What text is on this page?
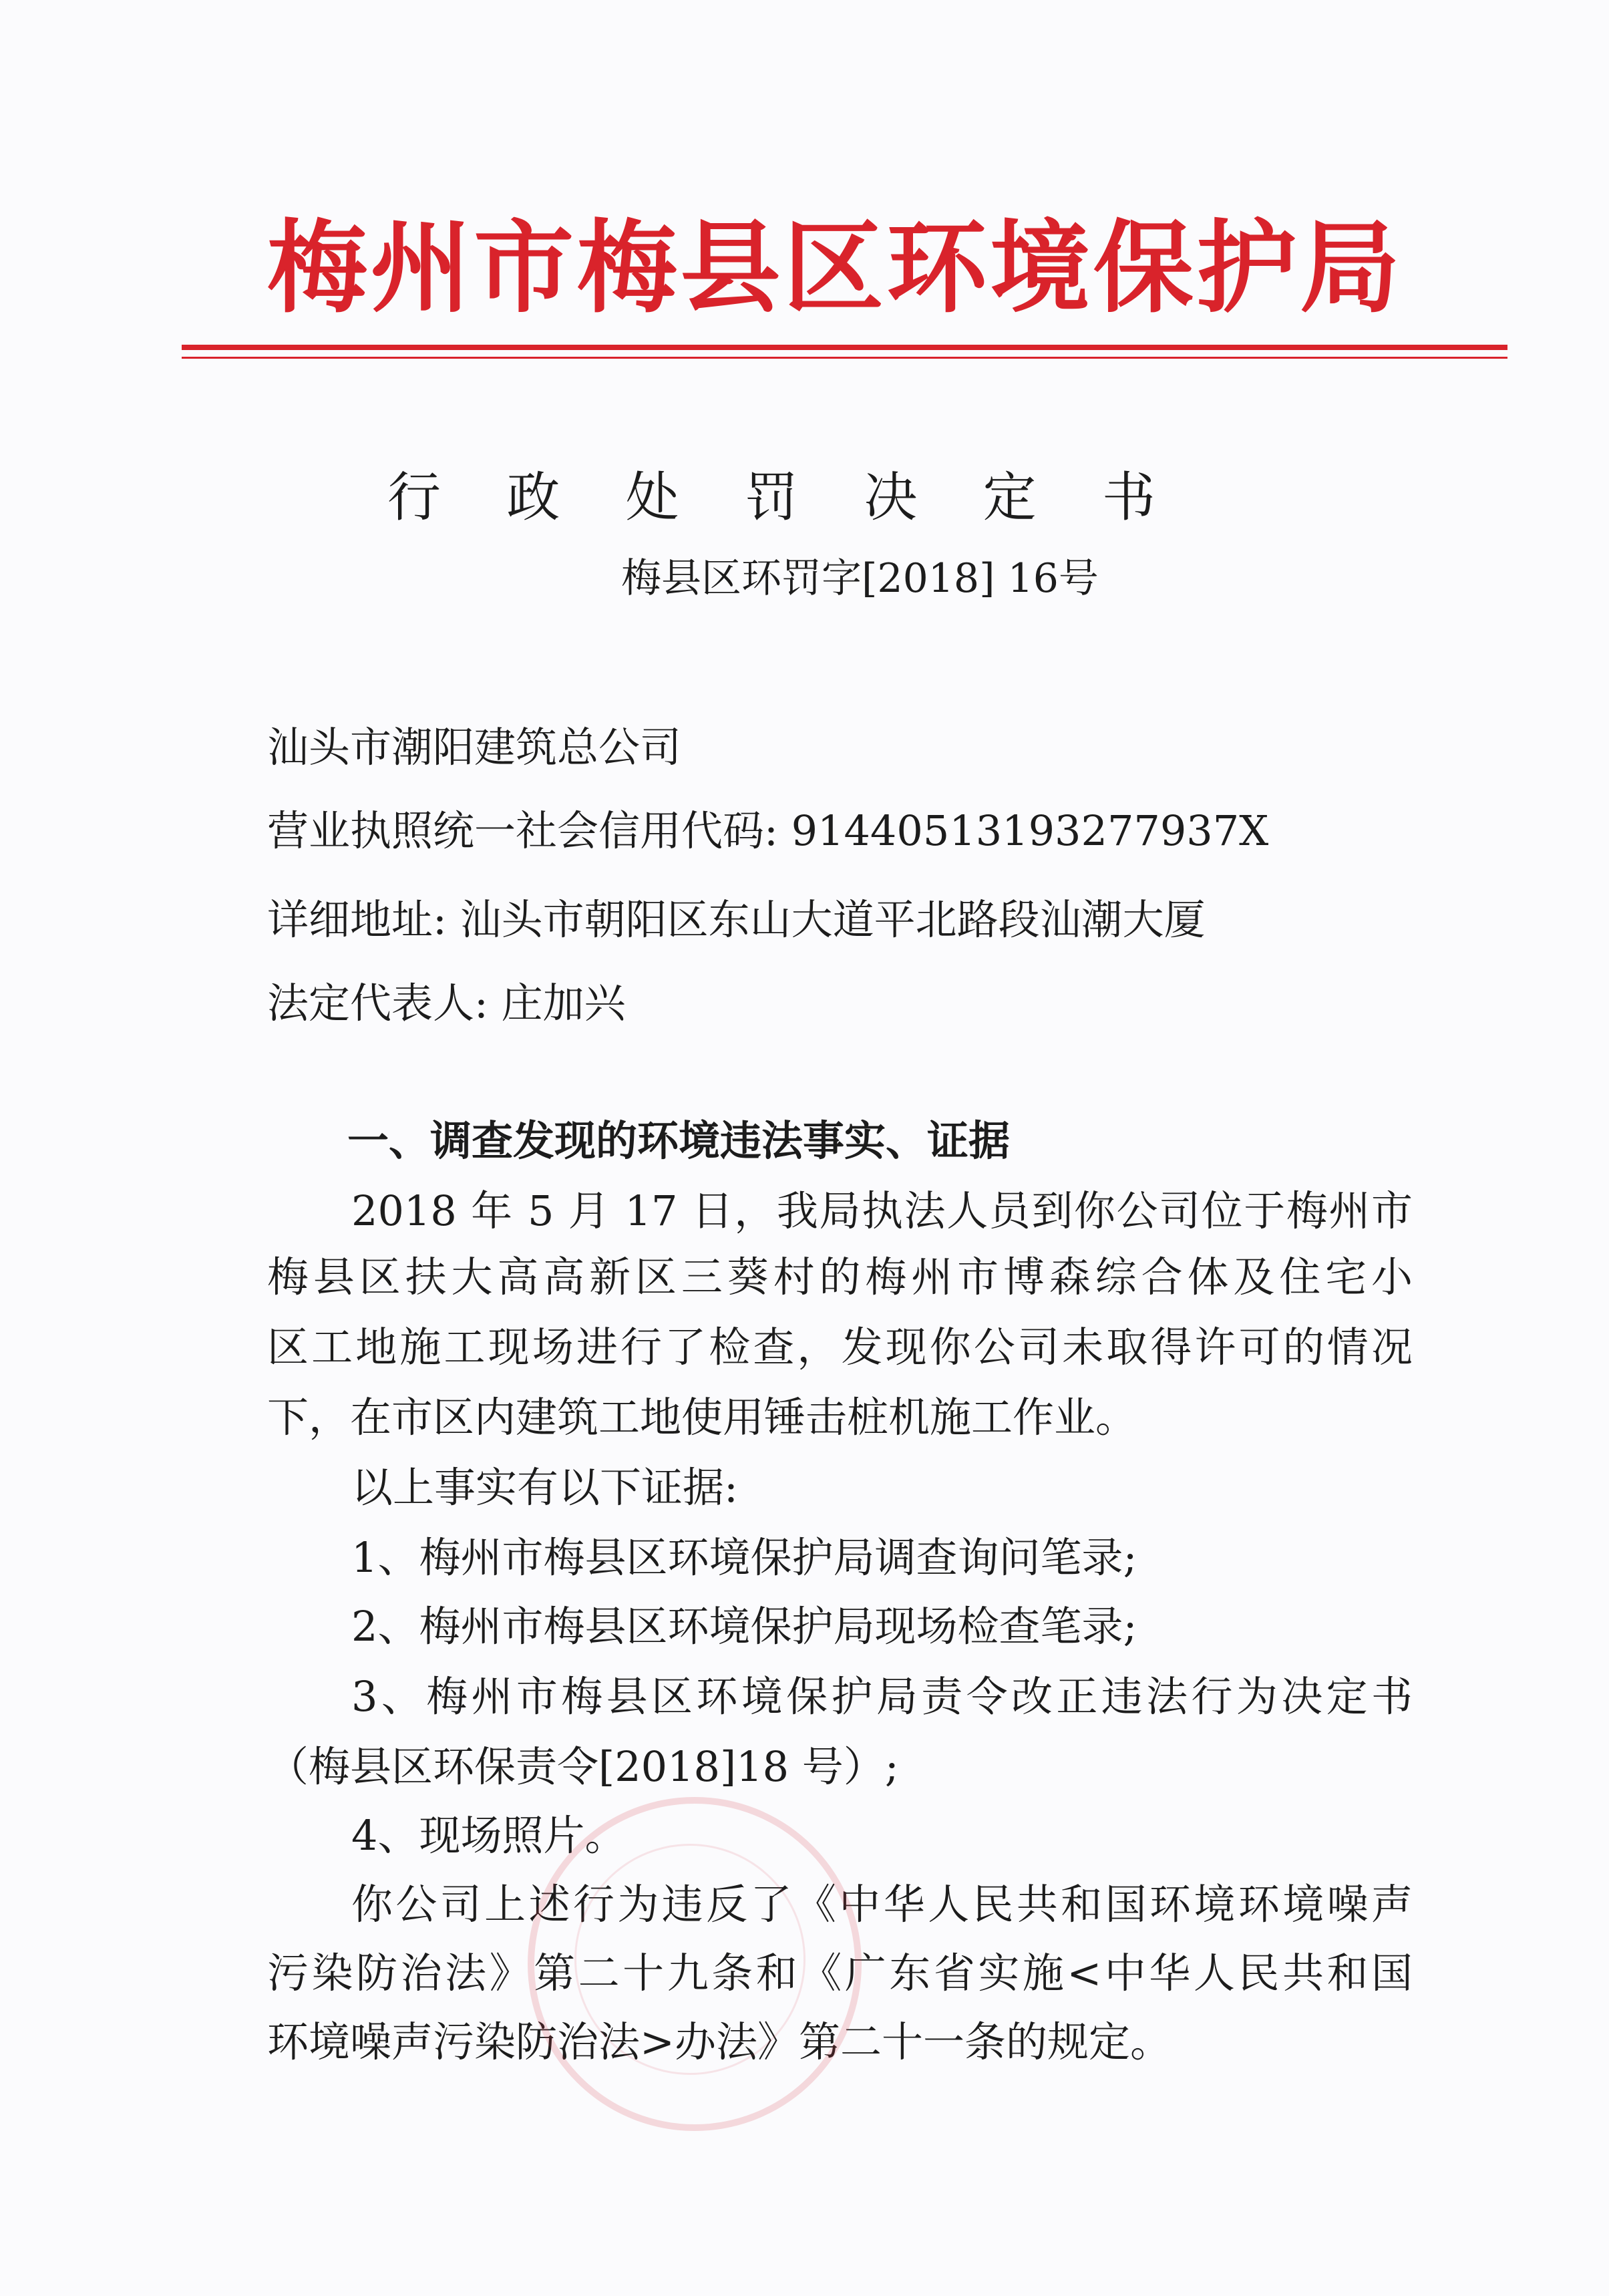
梅州市梅县区环境保护局
行政处罚决定书
梅县区环罚字[2018] 16号
汕头市潮阳建筑总公司
营业执照统一社会信用代码: 91440513193277937X
详细地址: 汕头市朝阳区东山大道平北路段汕潮大厦
法定代表人: 庄加兴
一、调查发现的环境违法事实、证据
2018 年 5 月 17 日，我局执法人员到你公司位于梅州市
梅县区扶大高高新区三葵村的梅州市博森综合体及住宅小
区工地施工现场进行了检查，发现你公司未取得许可的情况
下，在市区内建筑工地使用锤击桩机施工作业。
以上事实有以下证据:
1、梅州市梅县区环境保护局调查询问笔录;
2、梅州市梅县区环境保护局现场检查笔录;
3、梅州市梅县区环境保护局责令改正违法行为决定书
（梅县区环保责令[2018]18 号）;
4、现场照片。
你公司上述行为违反了《中华人民共和国环境环境噪声
污染防治法》第二十九条和《广东省实施<中华人民共和国
环境噪声污染防治法>办法》第二十一条的规定。
